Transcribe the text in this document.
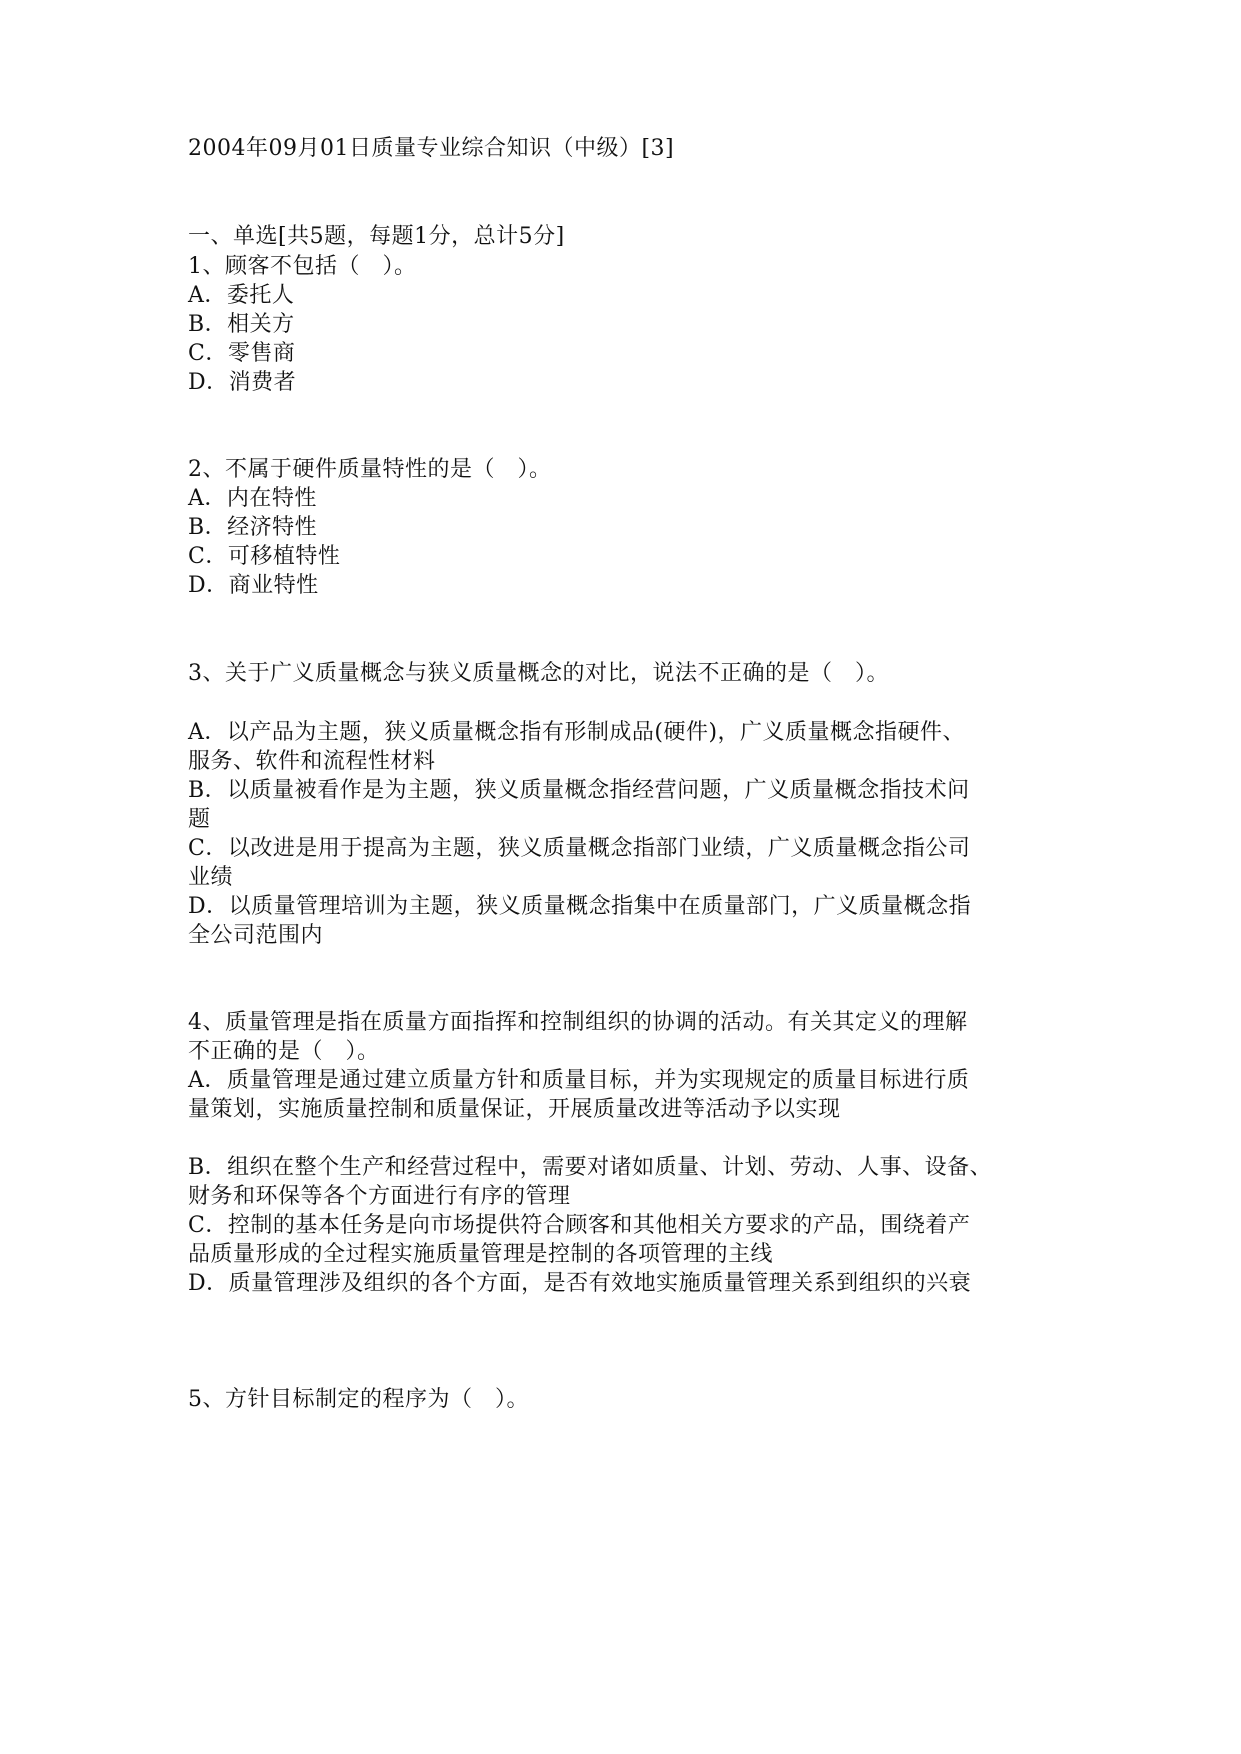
2004年09月01日质量专业综合知识（中级）[3]
一、单选[共5题，每题1分，总计5分]
1、顾客不包括（　）。
A．委托人
B．相关方
C．零售商
D．消费者
2、不属于硬件质量特性的是（　）。
A．内在特性
B．经济特性
C．可移植特性
D．商业特性
3、关于广义质量概念与狭义质量概念的对比，说法不正确的是（　）。
A．以产品为主题，狭义质量概念指有形制成品(硬件)，广义质量概念指硬件、
服务、软件和流程性材料
B．以质量被看作是为主题，狭义质量概念指经营问题，广义质量概念指技术问
题
C．以改进是用于提高为主题，狭义质量概念指部门业绩，广义质量概念指公司
业绩
D．以质量管理培训为主题，狭义质量概念指集中在质量部门，广义质量概念指
全公司范围内
4、质量管理是指在质量方面指挥和控制组织的协调的活动。有关其定义的理解
不正确的是（　）。
A．质量管理是通过建立质量方针和质量目标，并为实现规定的质量目标进行质
量策划，实施质量控制和质量保证，开展质量改进等活动予以实现
B．组织在整个生产和经营过程中，需要对诸如质量、计划、劳动、人事、设备、
财务和环保等各个方面进行有序的管理
C．控制的基本任务是向市场提供符合顾客和其他相关方要求的产品，围绕着产
品质量形成的全过程实施质量管理是控制的各项管理的主线
D．质量管理涉及组织的各个方面，是否有效地实施质量管理关系到组织的兴衰
5、方针目标制定的程序为（　）。
